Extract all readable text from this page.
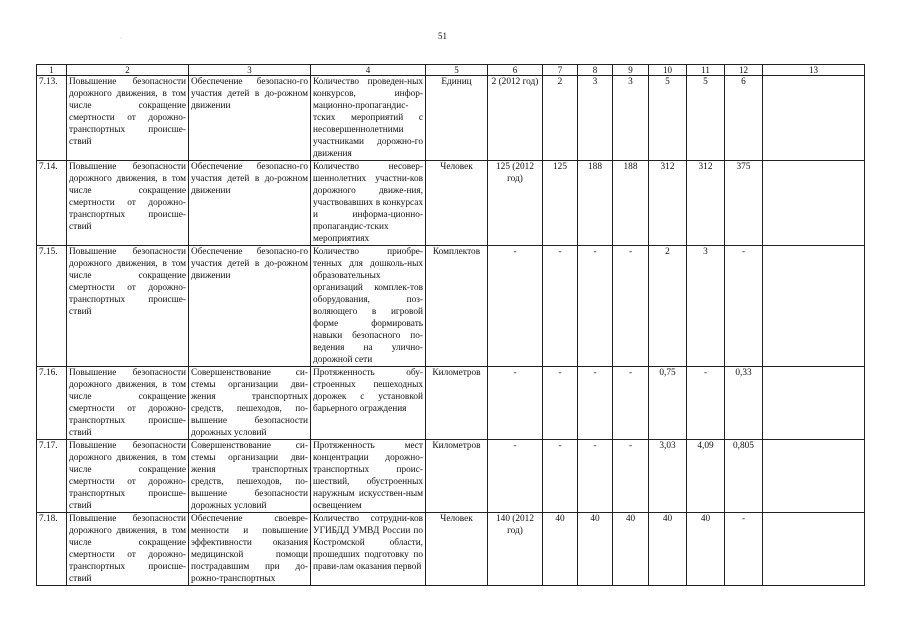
51
·
1	2	3	4	5	6	7	8	9	10	11	12	13
7.13.	Повышение безопасности дорожного движения, в том числе сокращение смертности от дорожно-транспортных происше-ствий	Обеспечение безопасно-го участия детей в до-рожном движении	Количество проведен-ных конкурсов, инфор-мационно-пропагандис-тских мероприятий с несовершеннолетними участниками дорожно-го движения	Единиц	2 (2012 год)	2	3	3	5	5	6	
7.14.	Повышение безопасности дорожного движения, в том числе сокращение смертности от дорожно-транспортных происше-ствий	Обеспечение безопасно-го участия детей в до-рожном движении	Количество несовер-шеннолетних участни-ков дорожного движе-ния, участвовавших в конкурсах и информа-ционно-пропагандис-тских мероприятиях	Человек	125 (2012 год)	125	188	188	312	312	375	
7.15.	Повышение безопасности дорожного движения, в том числе сокращение смертности от дорожно-транспортных происше-ствий	Обеспечение безопасно-го участия детей в до-рожном движении	Количество приобре-тенных для дошколь-ных образовательных организаций комплек-тов оборудования, поз-воляющего в игровой форме формировать навыки безопасного по-ведения на улично-дорожной сети	Комплектов	-	-	-	-	2	3	-	
7.16.	Повышение безопасности дорожного движения, в том числе сокращение смертности от дорожно-транспортных происше-ствий	Совершенствование си-стемы организации дви-жения транспортных средств, пешеходов, по-вышение безопасности дорожных условий	Протяженность обу-строенных пешеходных дорожек с установкой барьерного ограждения	Километров	-	-	-	-	0,75	-	0,33	
7.17.	Повышение безопасности дорожного движения, в том числе сокращение смертности от дорожно-транспортных происше-ствий	Совершенствование си-стемы организации дви-жения транспортных средств, пешеходов, по-вышение безопасности дорожных условий	Протяженность мест концентрации дорожно-транспортных проис-шествий, обустроенных наружным искусствен-ным освещением	Километров	-	-	-	-	3,03	4,09	0,805	
7.18.	Повышение безопасности дорожного движения, в том числе сокращение смертности от дорожно-транспортных происше-ствий	Обеспечение своевре-менности и повышение эффективности оказания медицинской помощи пострадавшим при до-рожно-транспортных	Количество сотрудни-ков УГИБДД УМВД России по Костромской области, прошедших подготовку по прави-лам оказания первой	Человек	140 (2012 год)	40	40	40	40	40	-	
